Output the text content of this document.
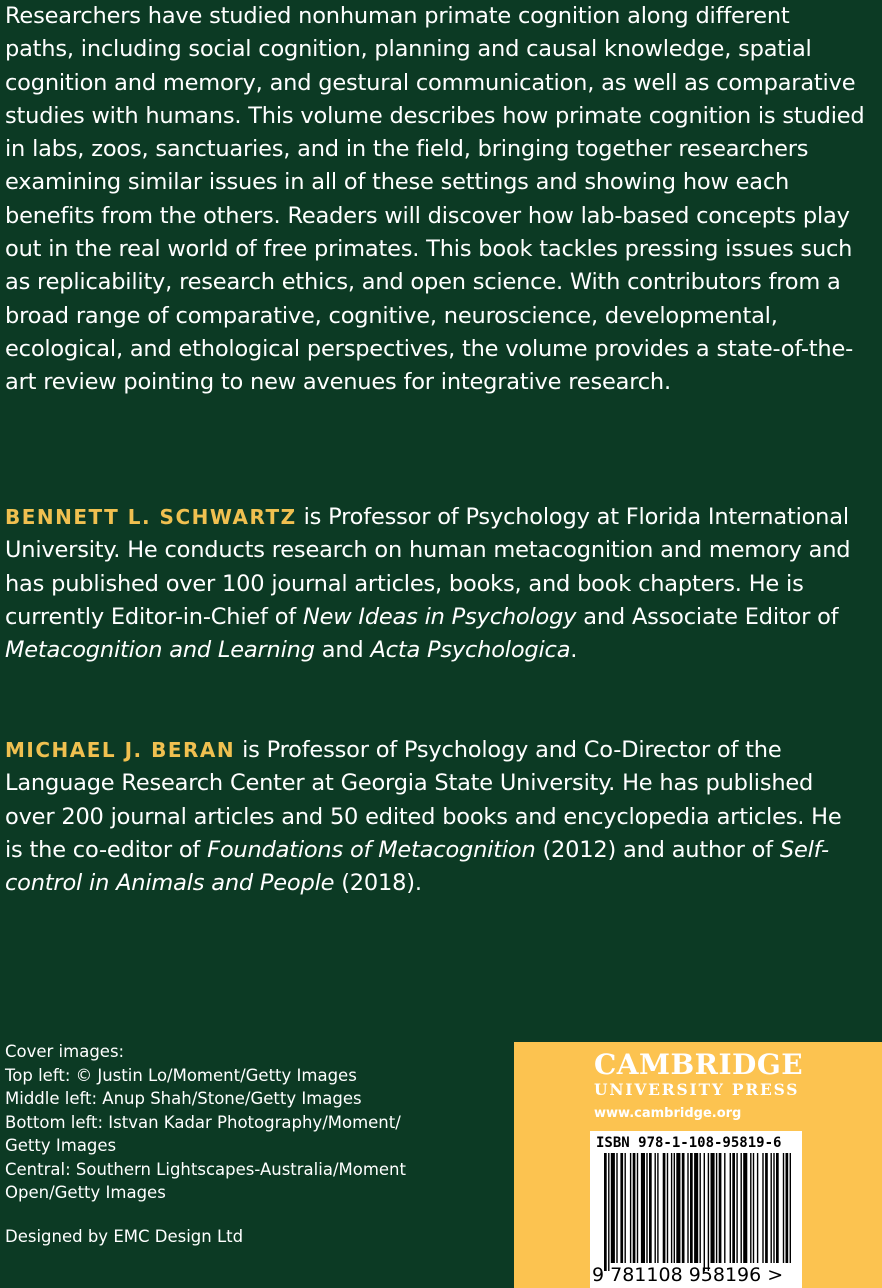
Researchers have studied nonhuman primate cognition along different paths, including social cognition, planning and causal knowledge, spatial cognition and memory, and gestural communication, as well as comparative studies with humans. This volume describes how primate cognition is studied in labs, zoos, sanctuaries, and in the field, bringing together researchers examining similar issues in all of these settings and showing how each benefits from the others. Readers will discover how lab-based concepts play out in the real world of free primates. This book tackles pressing issues such as replicability, research ethics, and open science. With contributors from a broad range of comparative, cognitive, neuroscience, developmental, ecological, and ethological perspectives, the volume provides a state-of-the-art review pointing to new avenues for integrative research.

BENNETT L. SCHWARTZ is Professor of Psychology at Florida International University. He conducts research on human metacognition and memory and has published over 100 journal articles, books, and book chapters. He is currently Editor-in-Chief of New Ideas in Psychology and Associate Editor of Metacognition and Learning and Acta Psychologica.

MICHAEL J. BERAN is Professor of Psychology and Co-Director of the Language Research Center at Georgia State University. He has published over 200 journal articles and 50 edited books and encyclopedia articles. He is the co-editor of Foundations of Metacognition (2012) and author of Self-control in Animals and People (2018).

Cover images:
Top left: © Justin Lo/Moment/Getty Images
Middle left: Anup Shah/Stone/Getty Images
Bottom left: Istvan Kadar Photography/Moment/
Getty Images
Central: Southern Lightscapes-Australia/Moment
Open/Getty Images
Designed by EMC Design Ltd
CAMBRIDGE
UNIVERSITY PRESS
www.cambridge.org
ISBN 978-1-108-95819-6
9 781108 958196 >
